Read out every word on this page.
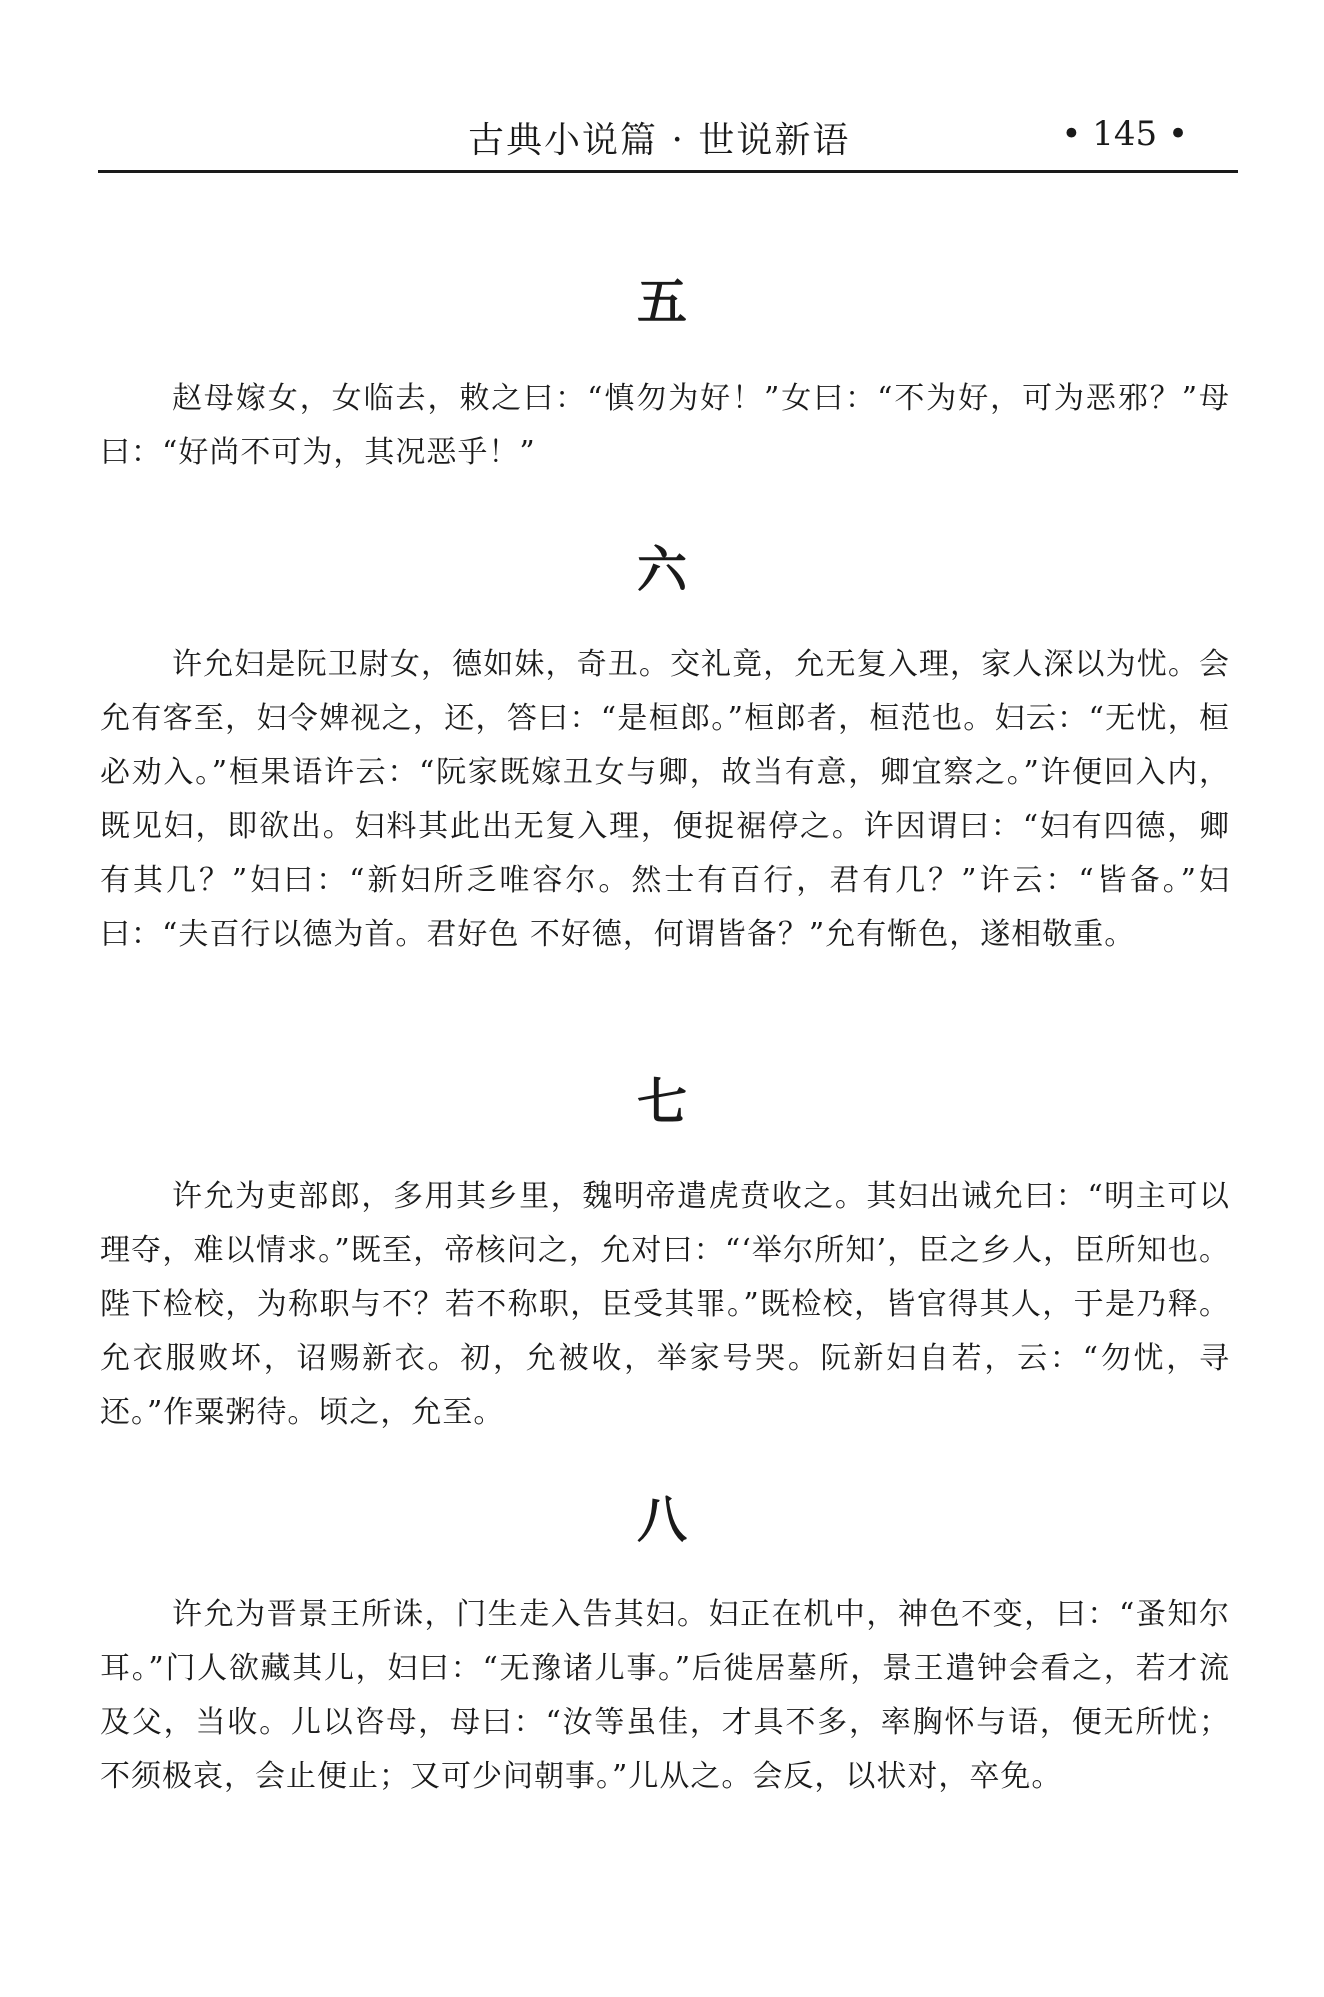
古典小说篇 · 世说新语	• 145 •
五
赵母嫁女，女临去，敕之曰：“慎勿为好！”女曰：“不为好，可为恶邪？”母曰：“好尚不可为，其况恶乎！”
六
许允妇是阮卫尉女，德如妹，奇丑。交礼竟，允无复入理，家人深以为忧。会允有客至，妇令婢视之，还，答曰：“是桓郎。”桓郎者，桓范也。妇云：“无忧，桓必劝入。”桓果语许云：“阮家既嫁丑女与卿，故当有意，卿宜察之。”许便回入内，既见妇，即欲出。妇料其此出无复入理，便捉裾停之。许因谓曰：“妇有四德，卿有其几？”妇曰：“新妇所乏唯容尔。然士有百行，君有几？”许云：“皆备。”妇曰：“夫百行以德为首。君好色 不好德，何谓皆备？”允有惭色，遂相敬重。
七
许允为吏部郎，多用其乡里，魏明帝遣虎贲收之。其妇出诫允曰：“明主可以理夺，难以情求。”既至，帝核问之，允对曰：“‘举尔所知’，臣之乡人，臣所知也。陛下检校，为称职与不？若不称职，臣受其罪。”既检校，皆官得其人，于是乃释。允衣服败坏，诏赐新衣。初，允被收，举家号哭。阮新妇自若，云：“勿忧，寻还。”作粟粥待。顷之，允至。
八
许允为晋景王所诛，门生走入告其妇。妇正在机中，神色不变，曰：“蚤知尔耳。”门人欲藏其儿，妇曰：“无豫诸儿事。”后徙居墓所，景王遣钟会看之，若才流及父，当收。儿以咨母，母曰：“汝等虽佳，才具不多，率胸怀与语，便无所忧；不须极哀，会止便止；又可少问朝事。”儿从之。会反，以状对，卒免。
